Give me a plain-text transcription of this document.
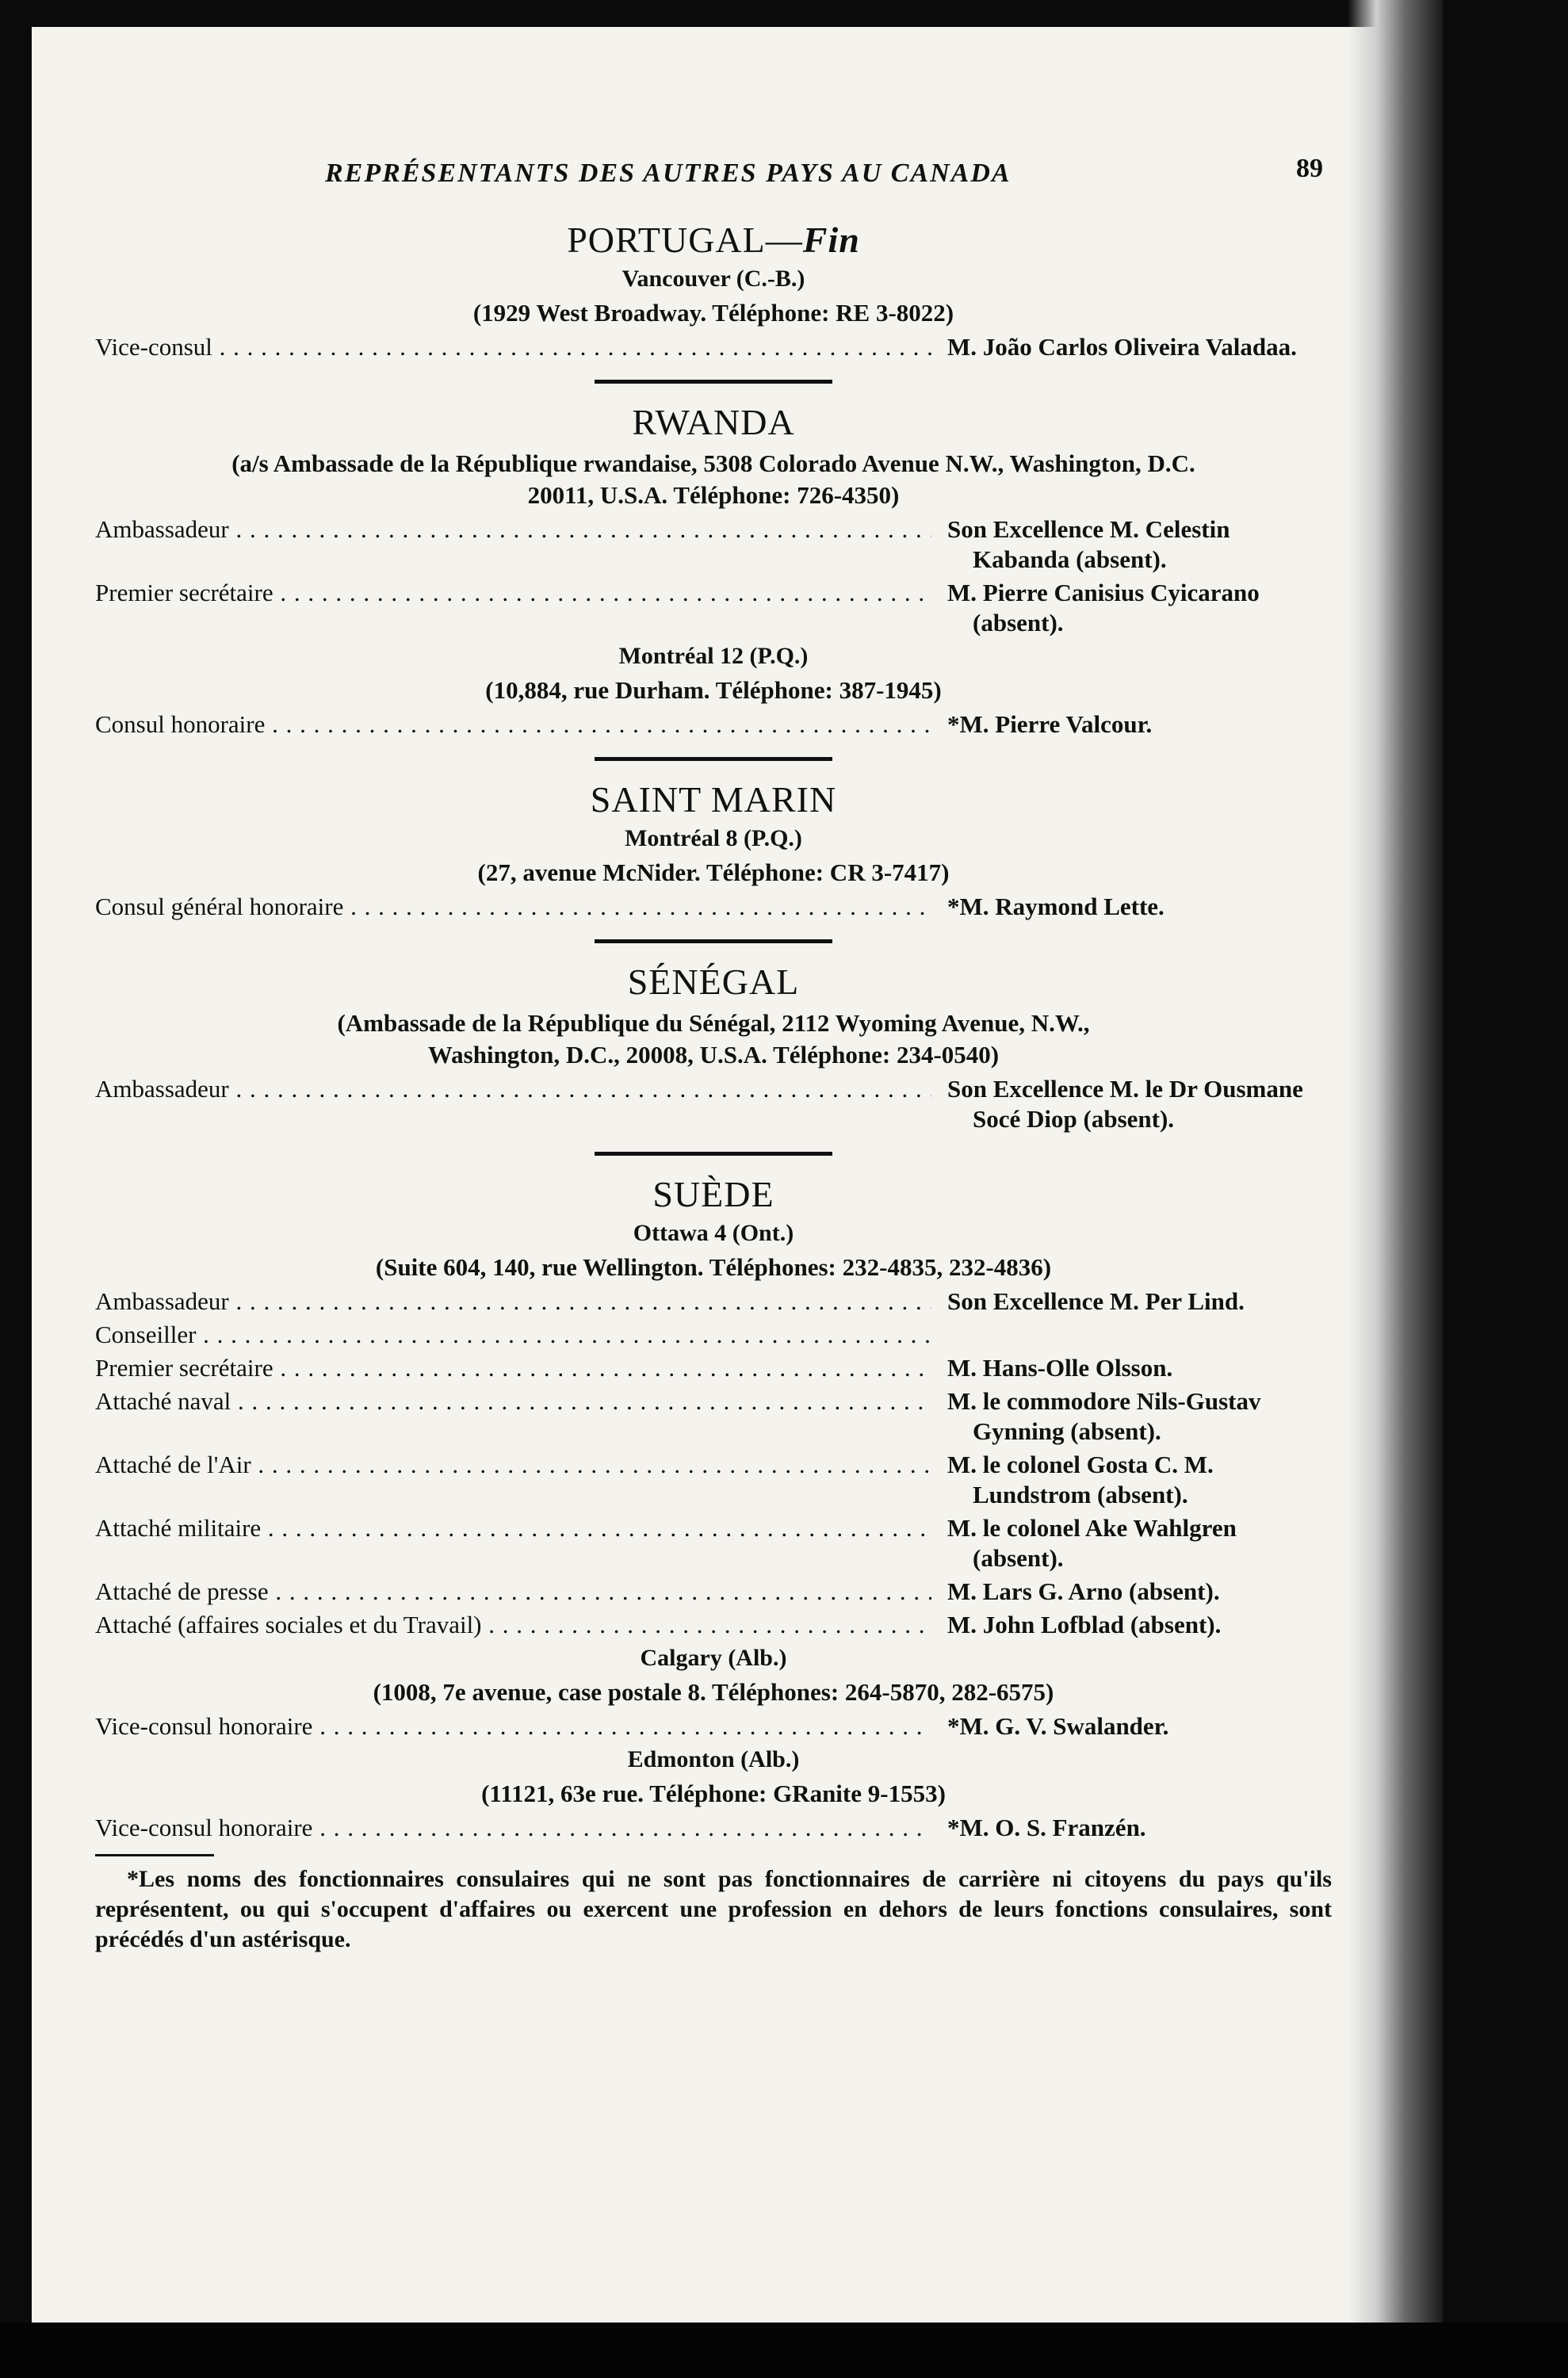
REPRÉSENTANTS DES AUTRES PAYS AU CANADA	89
PORTUGAL—Fin
Vancouver (C.-B.)
(1929 West Broadway. Téléphone: RE 3-8022)
Vice-consul . . .	M. João Carlos Oliveira Valadaa.
RWANDA
(a/s Ambassade de la République rwandaise, 5308 Colorado Avenue N.W., Washington, D.C.
20011, U.S.A. Téléphone: 726-4350)
Ambassadeur . . .	Son Excellence M. Celestin Kabanda (absent).
Premier secrétaire . . .	M. Pierre Canisius Cyicarano (absent).
Montréal 12 (P.Q.)
(10,884, rue Durham. Téléphone: 387-1945)
Consul honoraire . . .	*M. Pierre Valcour.
SAINT MARIN
Montréal 8 (P.Q.)
(27, avenue McNider. Téléphone: CR 3-7417)
Consul général honoraire . . .	*M. Raymond Lette.
SÉNÉGAL
(Ambassade de la République du Sénégal, 2112 Wyoming Avenue, N.W.,
Washington, D.C., 20008, U.S.A. Téléphone: 234-0540)
Ambassadeur . . .	Son Excellence M. le Dr Ousmane Socé Diop (absent).
SUÈDE
Ottawa 4 (Ont.)
(Suite 604, 140, rue Wellington. Téléphones: 232-4835, 232-4836)
Ambassadeur . . .	Son Excellence M. Per Lind.
Conseiller . . .
Premier secrétaire . . .	M. Hans-Olle Olsson.
Attaché naval . . .	M. le commodore Nils-Gustav Gynning (absent).
Attaché de l'Air . . .	M. le colonel Gosta C. M. Lundstrom (absent).
Attaché militaire . . .	M. le colonel Ake Wahlgren (absent).
Attaché de presse . . .	M. Lars G. Arno (absent).
Attaché (affaires sociales et du Travail) . . .	M. John Lofblad (absent).
Calgary (Alb.)
(1008, 7e avenue, case postale 8. Téléphones: 264-5870, 282-6575)
Vice-consul honoraire . . .	*M. G. V. Swalander.
Edmonton (Alb.)
(11121, 63e rue. Téléphone: GRanite 9-1553)
Vice-consul honoraire . . .	*M. O. S. Franzén.
*Les noms des fonctionnaires consulaires qui ne sont pas fonctionnaires de carrière ni citoyens du pays qu'ils représentent, ou qui s'occupent d'affaires ou exercent une profession en dehors de leurs fonctions consulaires, sont précédés d'un astérisque.
